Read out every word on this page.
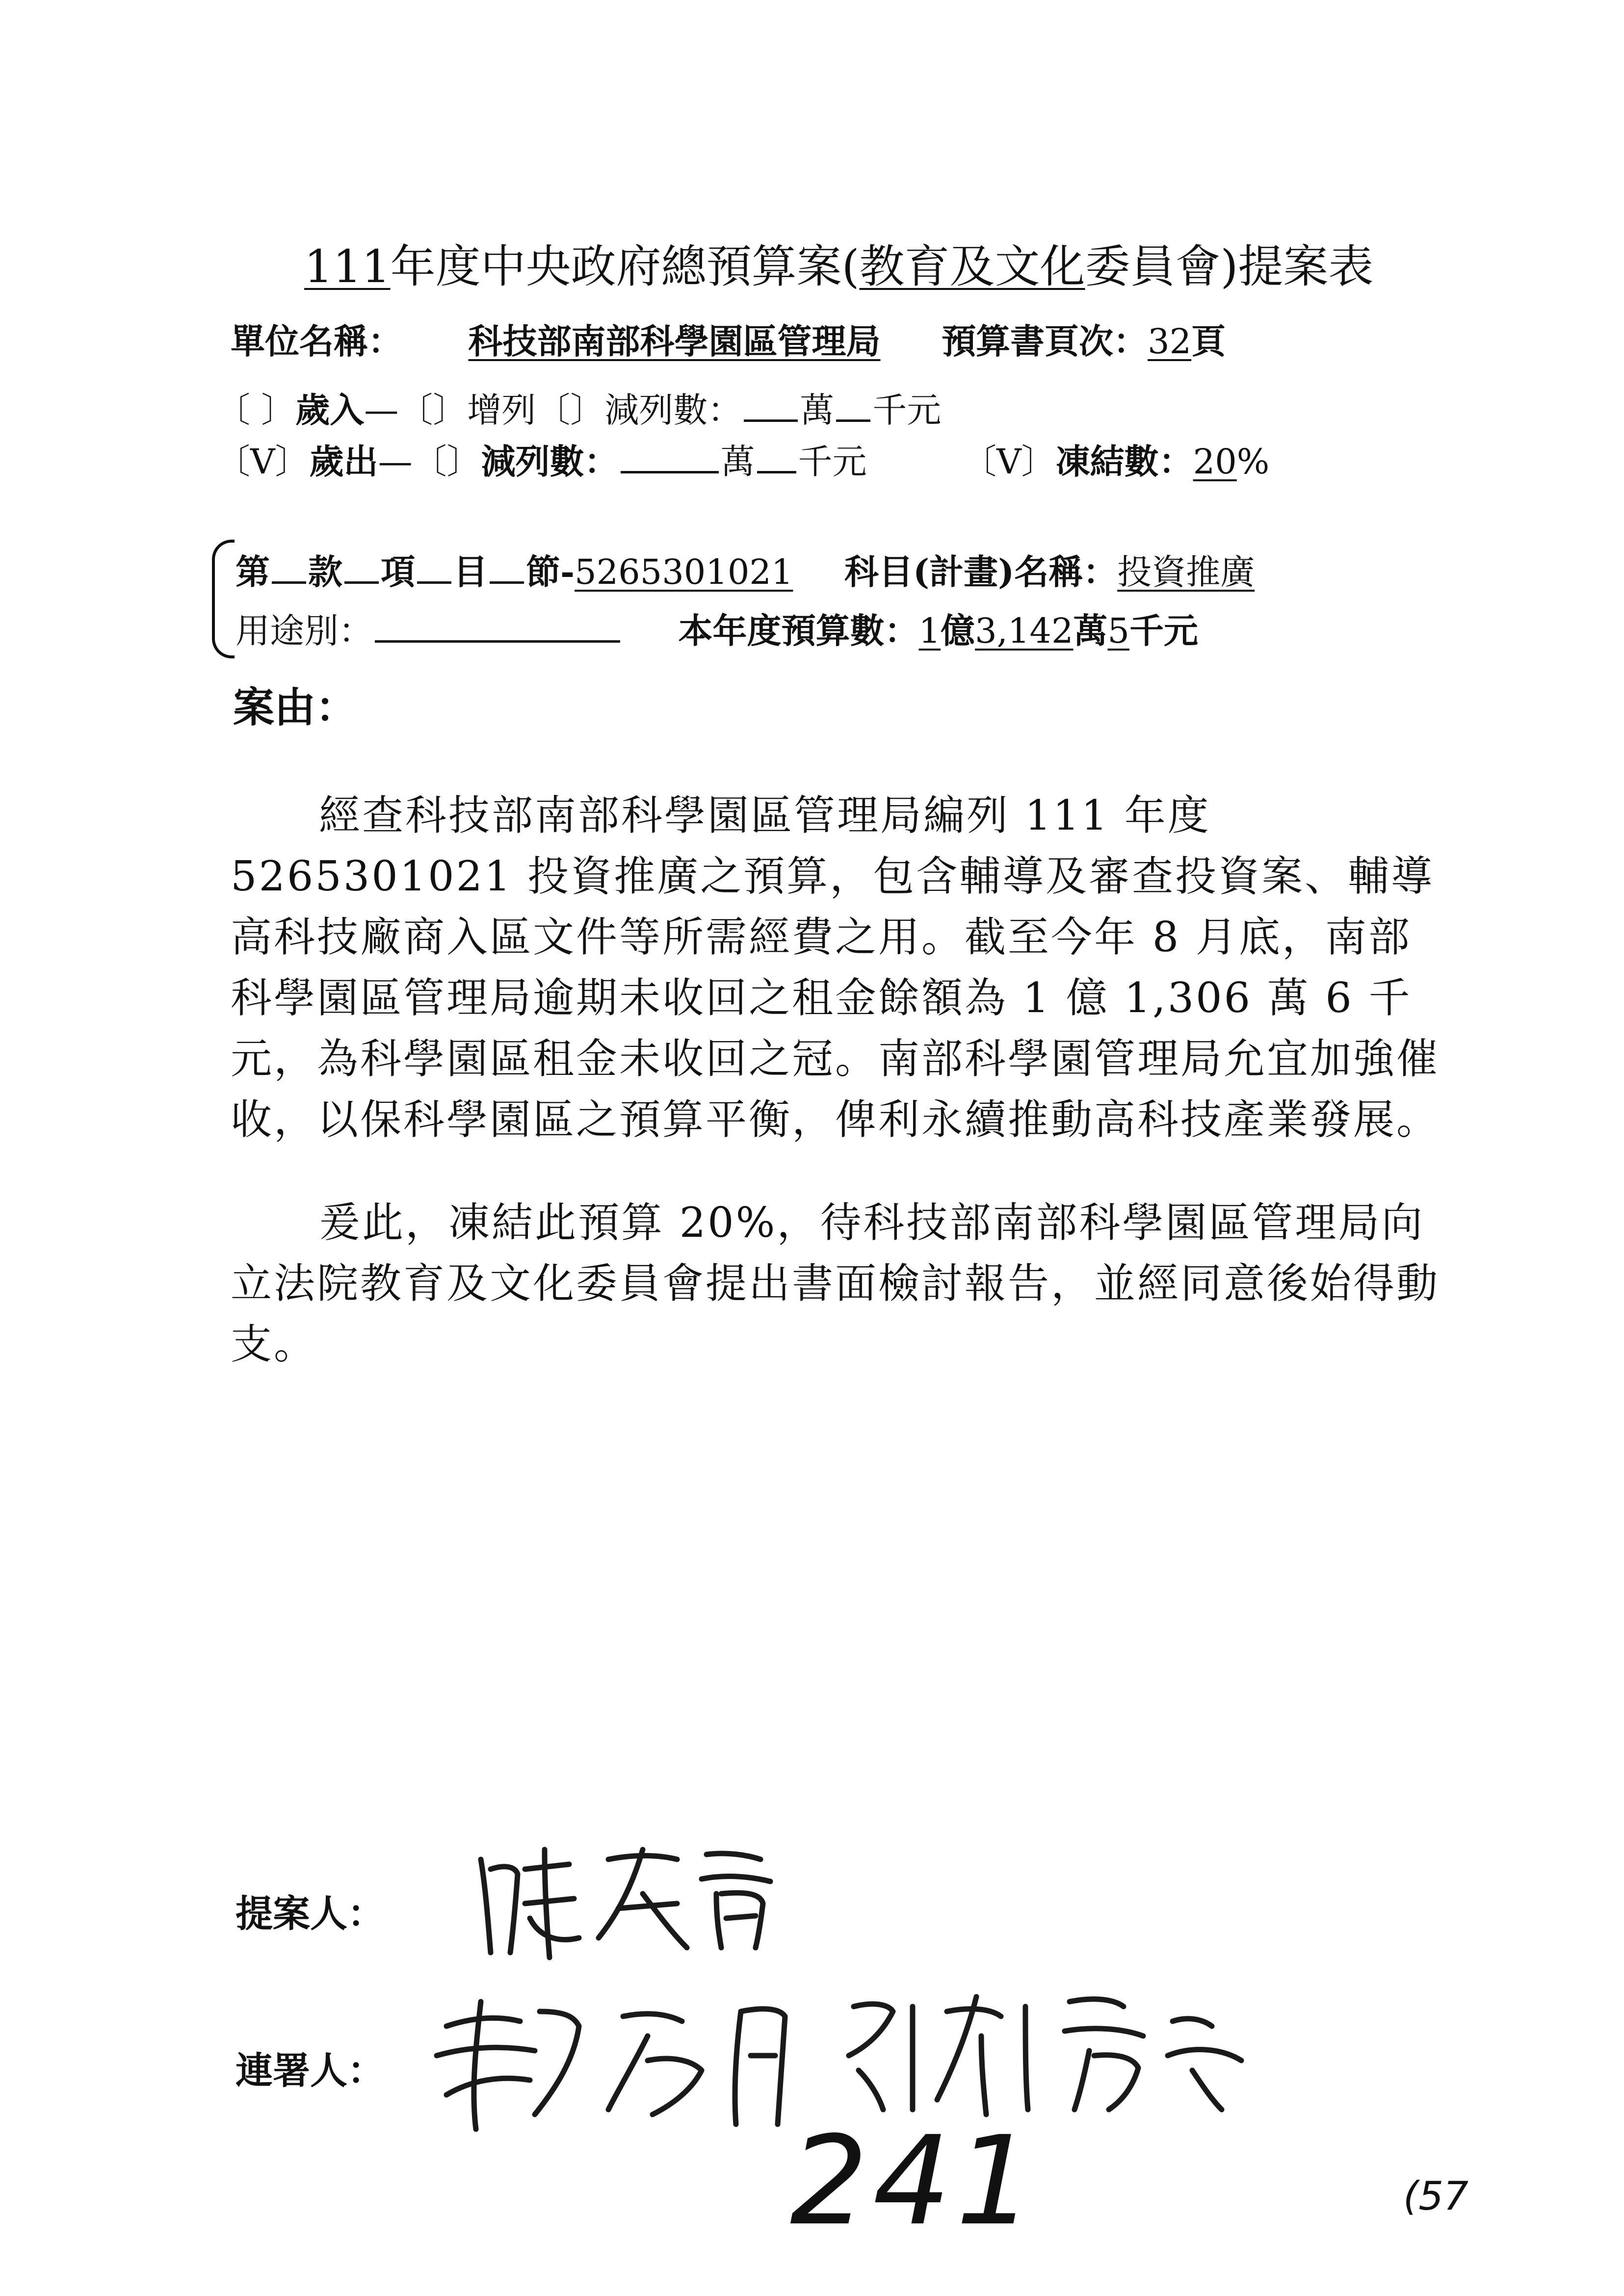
111年度中央政府總預算案(教育及文化委員會)提案表
單位名稱： 科技部南部科學園區管理局 預算書頁次：32頁
〔 〕歲入—〔〕增列〔〕減列數： 萬 千元
〔V〕歲出—〔〕減列數：	萬 千元	〔V〕凍結數：20%
第 款 項 目 節-5265301021 科目(計畫)名稱：投資推廣
用途別：	本年度預算數：1億3,142萬5千元
案由：

經查科技部南部科學園區管理局編列 111 年度 5265301021 投資推廣之預算，包含輔導及審查投資案、輔導高科技廠商入區文件等所需經費之用。截至今年 8 月底，南部科學園區管理局逾期未收回之租金餘額為 1 億 1,306 萬 6 千元，為科學園區租金未收回之冠。南部科學園管理局允宜加強催收，以保科學園區之預算平衡，俾利永續推動高科技產業發展。

爰此，凍結此預算 20%，待科技部南部科學園區管理局向立法院教育及文化委員會提出書面檢討報告，並經同意後始得動支。

提案人：
連署人：
241	(57
